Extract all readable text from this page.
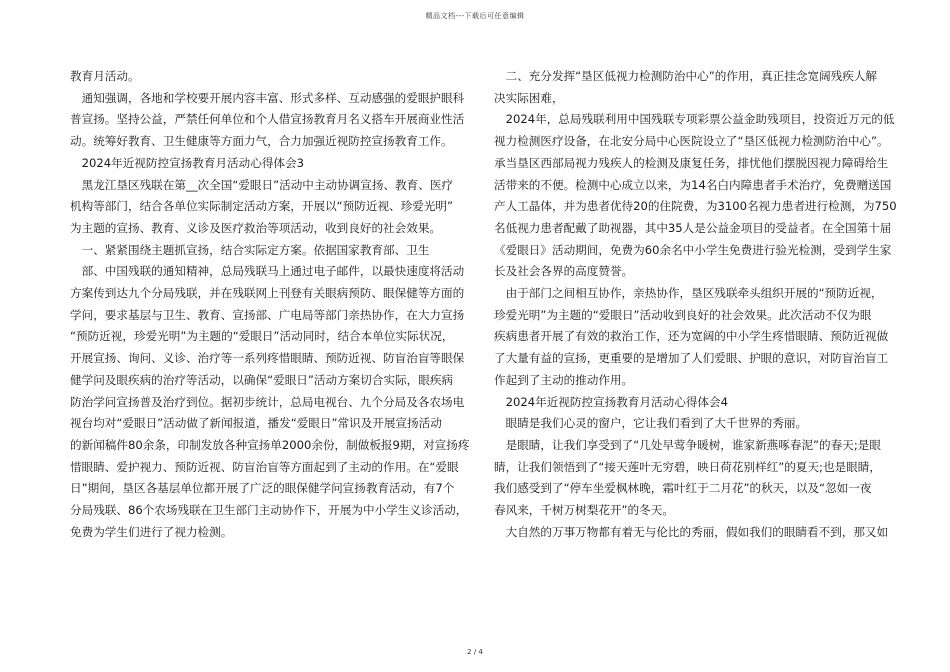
精品文档---下载后可任意编辑

教育月活动。

　通知强调，各地和学校要开展内容丰富、形式多样、互动感强的爱眼护眼科

普宣扬。坚持公益，严禁任何单位和个人借宣扬教育月名义搭车开展商业性活

动。统筹好教育、卫生健康等方面力气，合力加强近视防控宣扬教育工作。

　2024年近视防控宣扬教育月活动心得体会3

　黑龙江垦区残联在第__次全国“爱眼日”活动中主动协调宣扬、教育、医疗

机构等部门，结合各单位实际制定活动方案，开展以“预防近视、珍爱光明”

为主题的宣扬、教育、义诊及医疗救治等项活动，收到良好的社会效果。

　一、紧紧围绕主题抓宣扬，结合实际定方案。依据国家教育部、卫生

　部、中国残联的通知精神，总局残联马上通过电子邮件，以最快速度将活动

方案传到达九个分局残联，并在残联网上刊登有关眼病预防、眼保健等方面的

学问，要求基层与卫生、教育、宣扬部、广电局等部门亲热协作，在大力宣扬

“预防近视，珍爱光明”为主题的“爱眼日”活动同时，结合本单位实际状况，

开展宣扬、询问、义诊、治疗等一系列疼惜眼睛、预防近视、防盲治盲等眼保

健学问及眼疾病的治疗等活动，以确保“爱眼日”活动方案切合实际，眼疾病

防治学问宣扬普及治疗到位。据初步统计，总局电视台、九个分局及各农场电

视台均对“爱眼日”活动做了新闻报道，播发“爱眼日”常识及开展宣扬活动

的新闻稿件80余条，印制发放各种宣扬单2000余份，制做板报9期，对宣扬疼

惜眼睛、爱护视力、预防近视、防盲治盲等方面起到了主动的作用。在“爱眼

日”期间，垦区各基层单位都开展了广泛的眼保健学问宣扬教育活动，有7个

分局残联、86个农场残联在卫生部门主动协作下，开展为中小学生义诊活动，

免费为学生们进行了视力检测。

　二、充分发挥“垦区低视力检测防治中心”的作用，真正挂念宽阔残疾人解

决实际困难，

　2024年，总局残联利用中国残联专项彩票公益金助残项目，投资近万元的低

视力检测医疗设备，在北安分局中心医院设立了“垦区低视力检测防治中心”。

承当垦区西部局视力残疾人的检测及康复任务，排忧他们摆脱因视力障碍给生

活带来的不便。检测中心成立以来，为14名白内障患者手术治疗，免费赠送国

产人工晶体，并为患者优待20的住院费，为3100名视力患者进行检测，为750

名低视力患者配戴了助视器，其中35人是公益金项目的受益者。在全国第十届

《爱眼日》活动期间，免费为60余名中小学生免费进行验光检测，受到学生家

长及社会各界的高度赞誉。

　由于部门之间相互协作，亲热协作，垦区残联牵头组织开展的“预防近视，

珍爱光明”为主题的“爱眼日”活动收到良好的社会效果。此次活动不仅为眼

疾病患者开展了有效的救治工作，还为宽阔的中小学生疼惜眼睛、预防近视做

了大量有益的宣扬，更重要的是增加了人们爱眼、护眼的意识，对防盲治盲工

作起到了主动的推动作用。

　2024年近视防控宣扬教育月活动心得体会4

　眼睛是我们心灵的窗户，它让我们看到了大千世界的秀丽。

　是眼睛，让我们享受到了“几处早莺争暖树，谁家新燕啄春泥”的春天;是眼

睛，让我们领悟到了“接天莲叶无穷碧，映日荷花别样红”的夏天;也是眼睛，

我们感受到了“停车坐爱枫林晚，霜叶红于二月花”的秋天，以及“忽如一夜

春风来，千树万树梨花开”的冬天。

　大自然的万事万物都有着无与伦比的秀丽，假如我们的眼睛看不到，那又如

2 / 4
